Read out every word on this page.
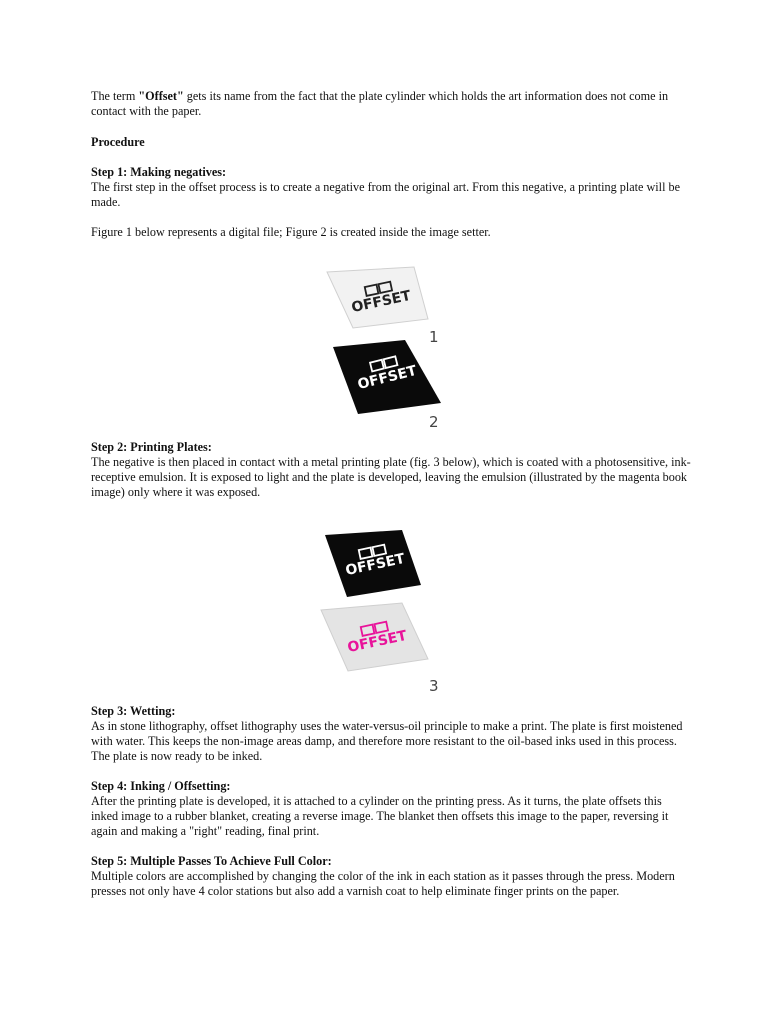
The term "Offset" gets its name from the fact that the plate cylinder which holds the art information does not come in contact with the paper.

Procedure

Step 1: Making negatives:

The first step in the offset process is to create a negative from the original art. From this negative, a printing plate will be made.

Figure 1 below represents a digital file; Figure 2 is created inside the image setter.

OFFSET
1
OFFSET
2

Step 2: Printing Plates:

The negative is then placed in contact with a metal printing plate (fig. 3 below), which is coated with a photosensitive, ink-receptive emulsion. It is exposed to light and the plate is developed, leaving the emulsion (illustrated by the magenta book image) only where it was exposed.

OFFSET
OFFSET
3

Step 3: Wetting:

As in stone lithography, offset lithography uses the water-versus-oil principle to make a print. The plate is first moistened with water. This keeps the non-image areas damp, and therefore more resistant to the oil-based inks used in this process. The plate is now ready to be inked.

Step 4: Inking / Offsetting:

After the printing plate is developed, it is attached to a cylinder on the printing press. As it turns, the plate offsets this inked image to a rubber blanket, creating a reverse image. The blanket then offsets this image to the paper, reversing it again and making a "right" reading, final print.

Step 5: Multiple Passes To Achieve Full Color:

Multiple colors are accomplished by changing the color of the ink in each station as it passes through the press. Modern presses not only have 4 color stations but also add a varnish coat to help eliminate finger prints on the paper.
